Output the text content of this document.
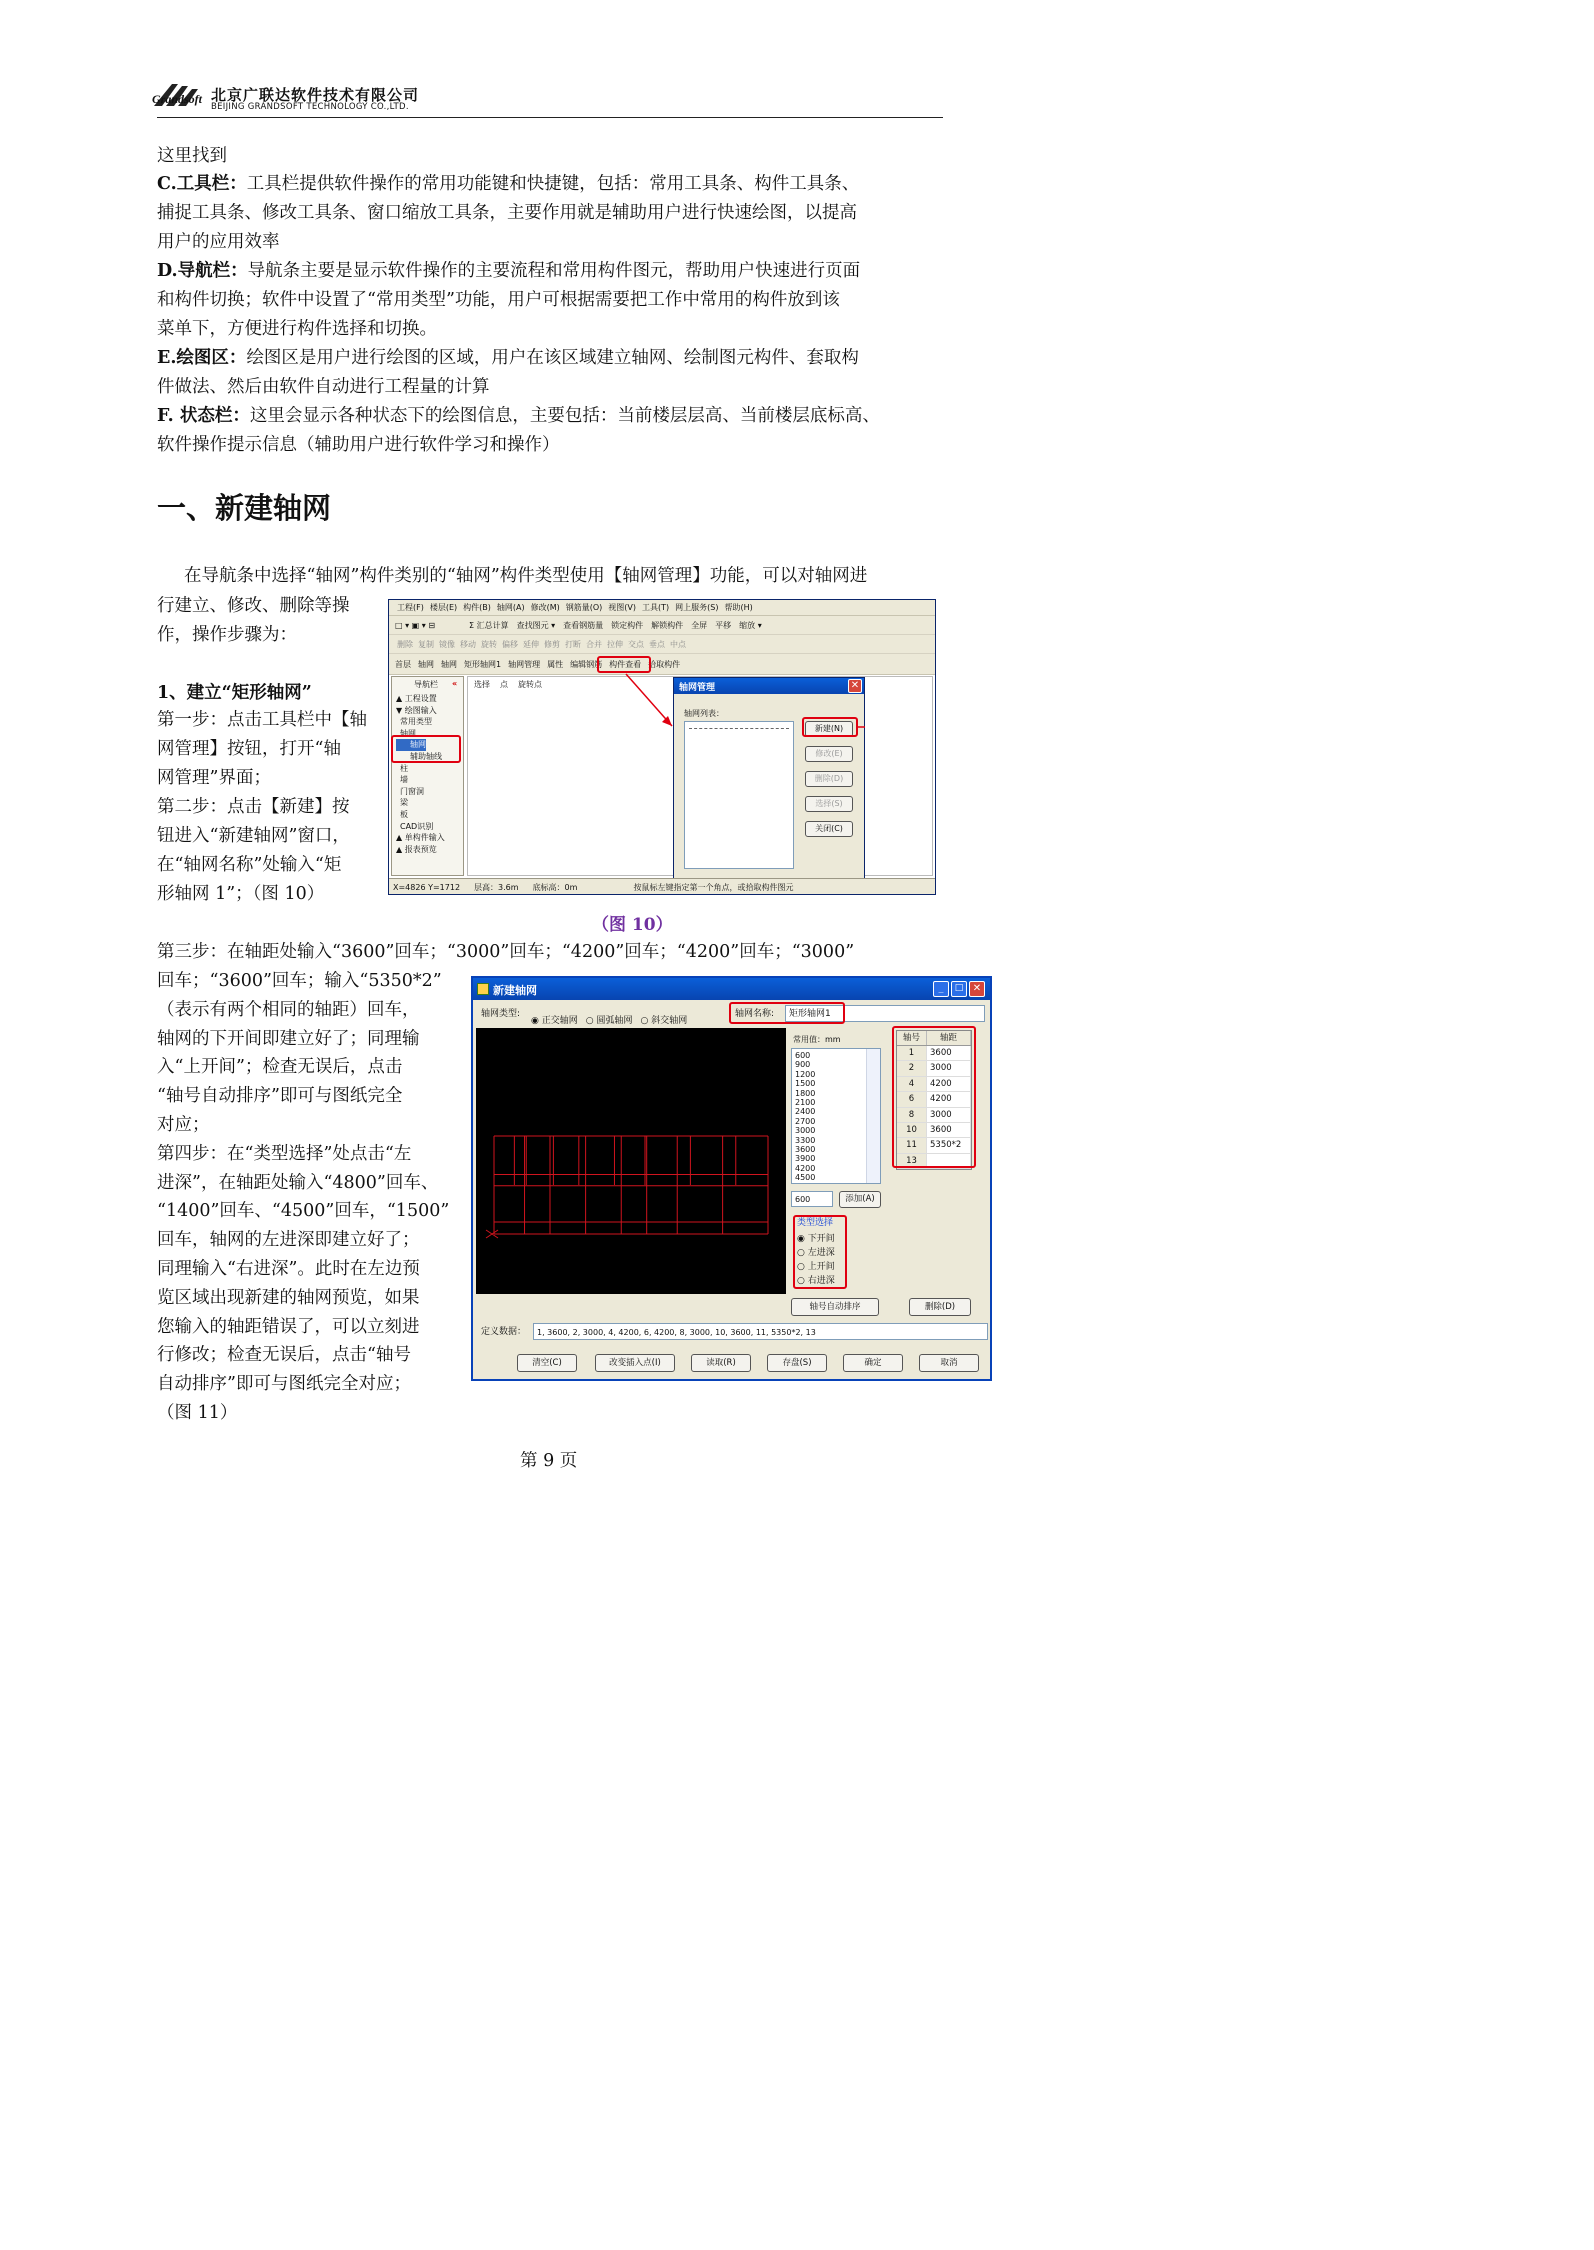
Grandsoft 北京广联达软件技术有限公司
BEIJING GRANDSOFT TECHNOLOGY CO.,LTD.
这里找到
C.工具栏：工具栏提供软件操作的常用功能键和快捷键，包括：常用工具条、构件工具条、
捕捉工具条、修改工具条、窗口缩放工具条，主要作用就是辅助用户进行快速绘图，以提高
用户的应用效率
D.导航栏：导航条主要是显示软件操作的主要流程和常用构件图元，帮助用户快速进行页面
和构件切换；软件中设置了“常用类型”功能，用户可根据需要把工作中常用的构件放到该
菜单下，方便进行构件选择和切换。
E.绘图区：绘图区是用户进行绘图的区域，用户在该区域建立轴网、绘制图元构件、套取构
件做法、然后由软件自动进行工程量的计算
F. 状态栏：这里会显示各种状态下的绘图信息，主要包括：当前楼层层高、当前楼层底标高、
软件操作提示信息（辅助用户进行软件学习和操作）
一、新建轴网
在导航条中选择“轴网”构件类别的“轴网”构件类型使用【轴网管理】功能，可以对轴网进
行建立、修改、删除等操
作，操作步骤为：
1、建立“矩形轴网”
第一步：点击工具栏中【轴
网管理】按钮，打开“轴
网管理”界面；
第二步：点击【新建】按
钮进入“新建轴网”窗口，
在“轴网名称”处输入“矩
形轴网 1”；（图 10）
工程(F) 楼层(E) 构件(B) 轴网(A) 修改(M) 钢筋量(O) 视图(V) 工具(T) 网上服务(S) 帮助(H)
□ ▾ ▣ ▾ ⊟	Σ 汇总计算 查找图元 ▾ 查看钢筋量 锁定构件 解锁构件 全屏 平移 缩放 ▾
删除 复制 镜像 移动 旋转 偏移 延伸 修剪 打断 合并 拉伸 交点 垂点 中点
首层 轴网 轴网 矩形轴网1 轴网管理 属性 编辑钢筋 构件查看 拾取构件
导航栏 «
▲ 工程设置
▼ 绘图输入
常用类型
轴网
轴网
辅助轴线
柱
墙
门窗洞
梁
板
CAD识别
▲ 单构件输入
▲ 报表预览
选择 点 旋转点	轴网管理	✕
轴网列表：
新建(N)
修改(E)
删除(D)
选择(S)
关闭(C)
X=4826 Y=1712 层高：3.6m 底标高：0m	按鼠标左键指定第一个角点，或拾取构件图元
（图 10）
第三步：在轴距处输入“3600”回车；“3000”回车；“4200”回车；“4200”回车；“3000”
回车；“3600”回车；输入“5350*2”
（表示有两个相同的轴距）回车，
轴网的下开间即建立好了；同理输
入“上开间”；检查无误后，点击
“轴号自动排序”即可与图纸完全
对应；
第四步：在“类型选择”处点击“左
进深”，在轴距处输入“4800”回车、
“1400”回车、“4500”回车，“1500”
回车，轴网的左进深即建立好了；
同理输入“右进深”。此时在左边预
览区域出现新建的轴网预览，如果
您输入的轴距错误了，可以立刻进
行修改；检查无误后，点击“轴号
自动排序”即可与图纸完全对应；
（图 11）
新建轴网	_	□ ✕
轴网类型:
◉ 正交轴网 ○ 圆弧轴网 ○ 斜交轴网
轴网名称: 矩形轴网1
常用值：mm
600
900
1200
1500
1800
2100
2400
2700
3000
3300
3600
3900
4200
4500
600	添加(A)
类型选择
◉ 下开间
○ 左进深
○ 上开间
○ 右进深
轴号	轴距
1	3600
2	3000
4	4200
6	4200
8	3000
10	3600
11	5350*2
13
轴号自动排序	删除(D)
定义数据： 1, 3600, 2, 3000, 4, 4200, 6, 4200, 8, 3000, 10, 3600, 11, 5350*2, 13
清空(C)	改变插入点(I)	读取(R)	存盘(S)	确定	取消
第 9 页
